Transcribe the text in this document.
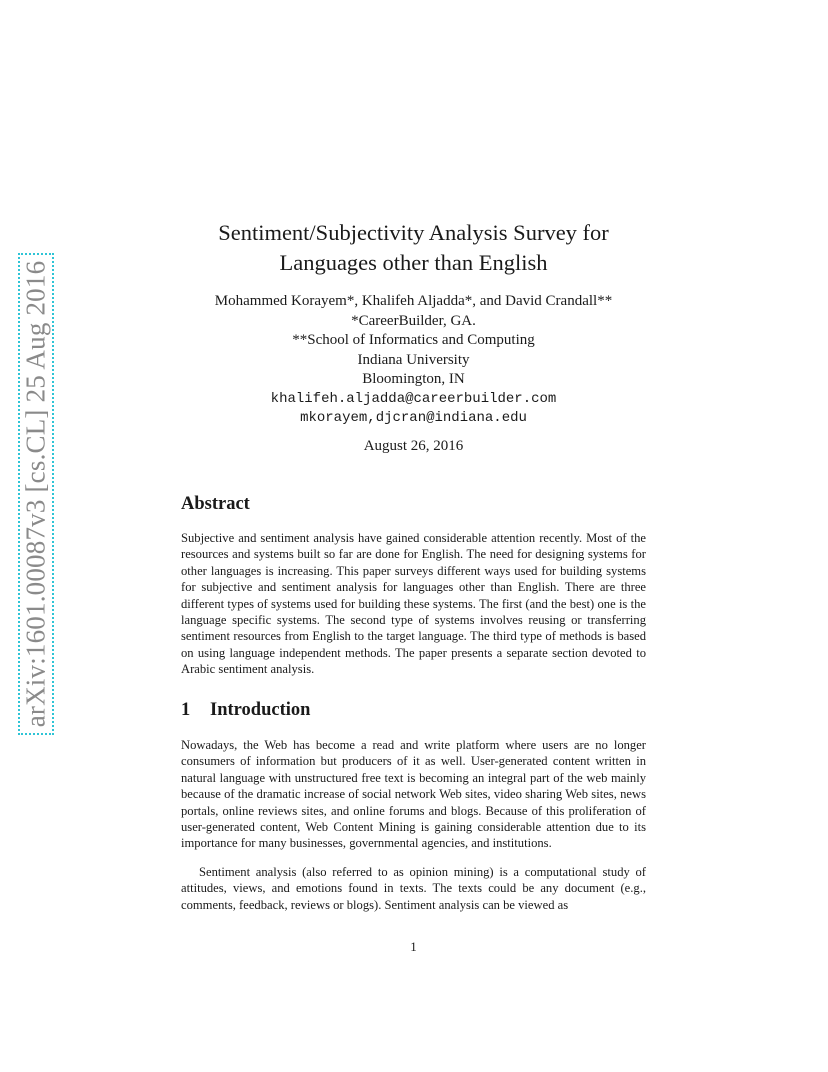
arXiv:1601.00087v3 [cs.CL] 25 Aug 2016
Sentiment/Subjectivity Analysis Survey for
Languages other than English
Mohammed Korayem*, Khalifeh Aljadda*, and David Crandall**
*CareerBuilder, GA.
**School of Informatics and Computing
Indiana University
Bloomington, IN
khalifeh.aljadda@careerbuilder.com
mkorayem,djcran@indiana.edu
August 26, 2016
Abstract

Subjective and sentiment analysis have gained considerable attention recently. Most of the resources and systems built so far are done for English. The need for designing systems for other languages is increasing. This paper surveys different ways used for building systems for subjective and sentiment analysis for languages other than English. There are three different types of systems used for building these systems. The first (and the best) one is the language specific systems. The second type of systems involves reusing or transferring sentiment resources from English to the target language. The third type of methods is based on using language independent methods. The paper presents a separate section devoted to Arabic sentiment analysis.

1 Introduction

Nowadays, the Web has become a read and write platform where users are no longer consumers of information but producers of it as well. User-generated content written in natural language with unstructured free text is becoming an integral part of the web mainly because of the dramatic increase of social network Web sites, video sharing Web sites, news portals, online reviews sites, and online forums and blogs. Because of this proliferation of user-generated content, Web Content Mining is gaining considerable attention due to its importance for many businesses, governmental agencies, and institutions.

Sentiment analysis (also referred to as opinion mining) is a computational study of attitudes, views, and emotions found in texts. The texts could be any document (e.g., comments, feedback, reviews or blogs). Sentiment analysis can be viewed as

1
